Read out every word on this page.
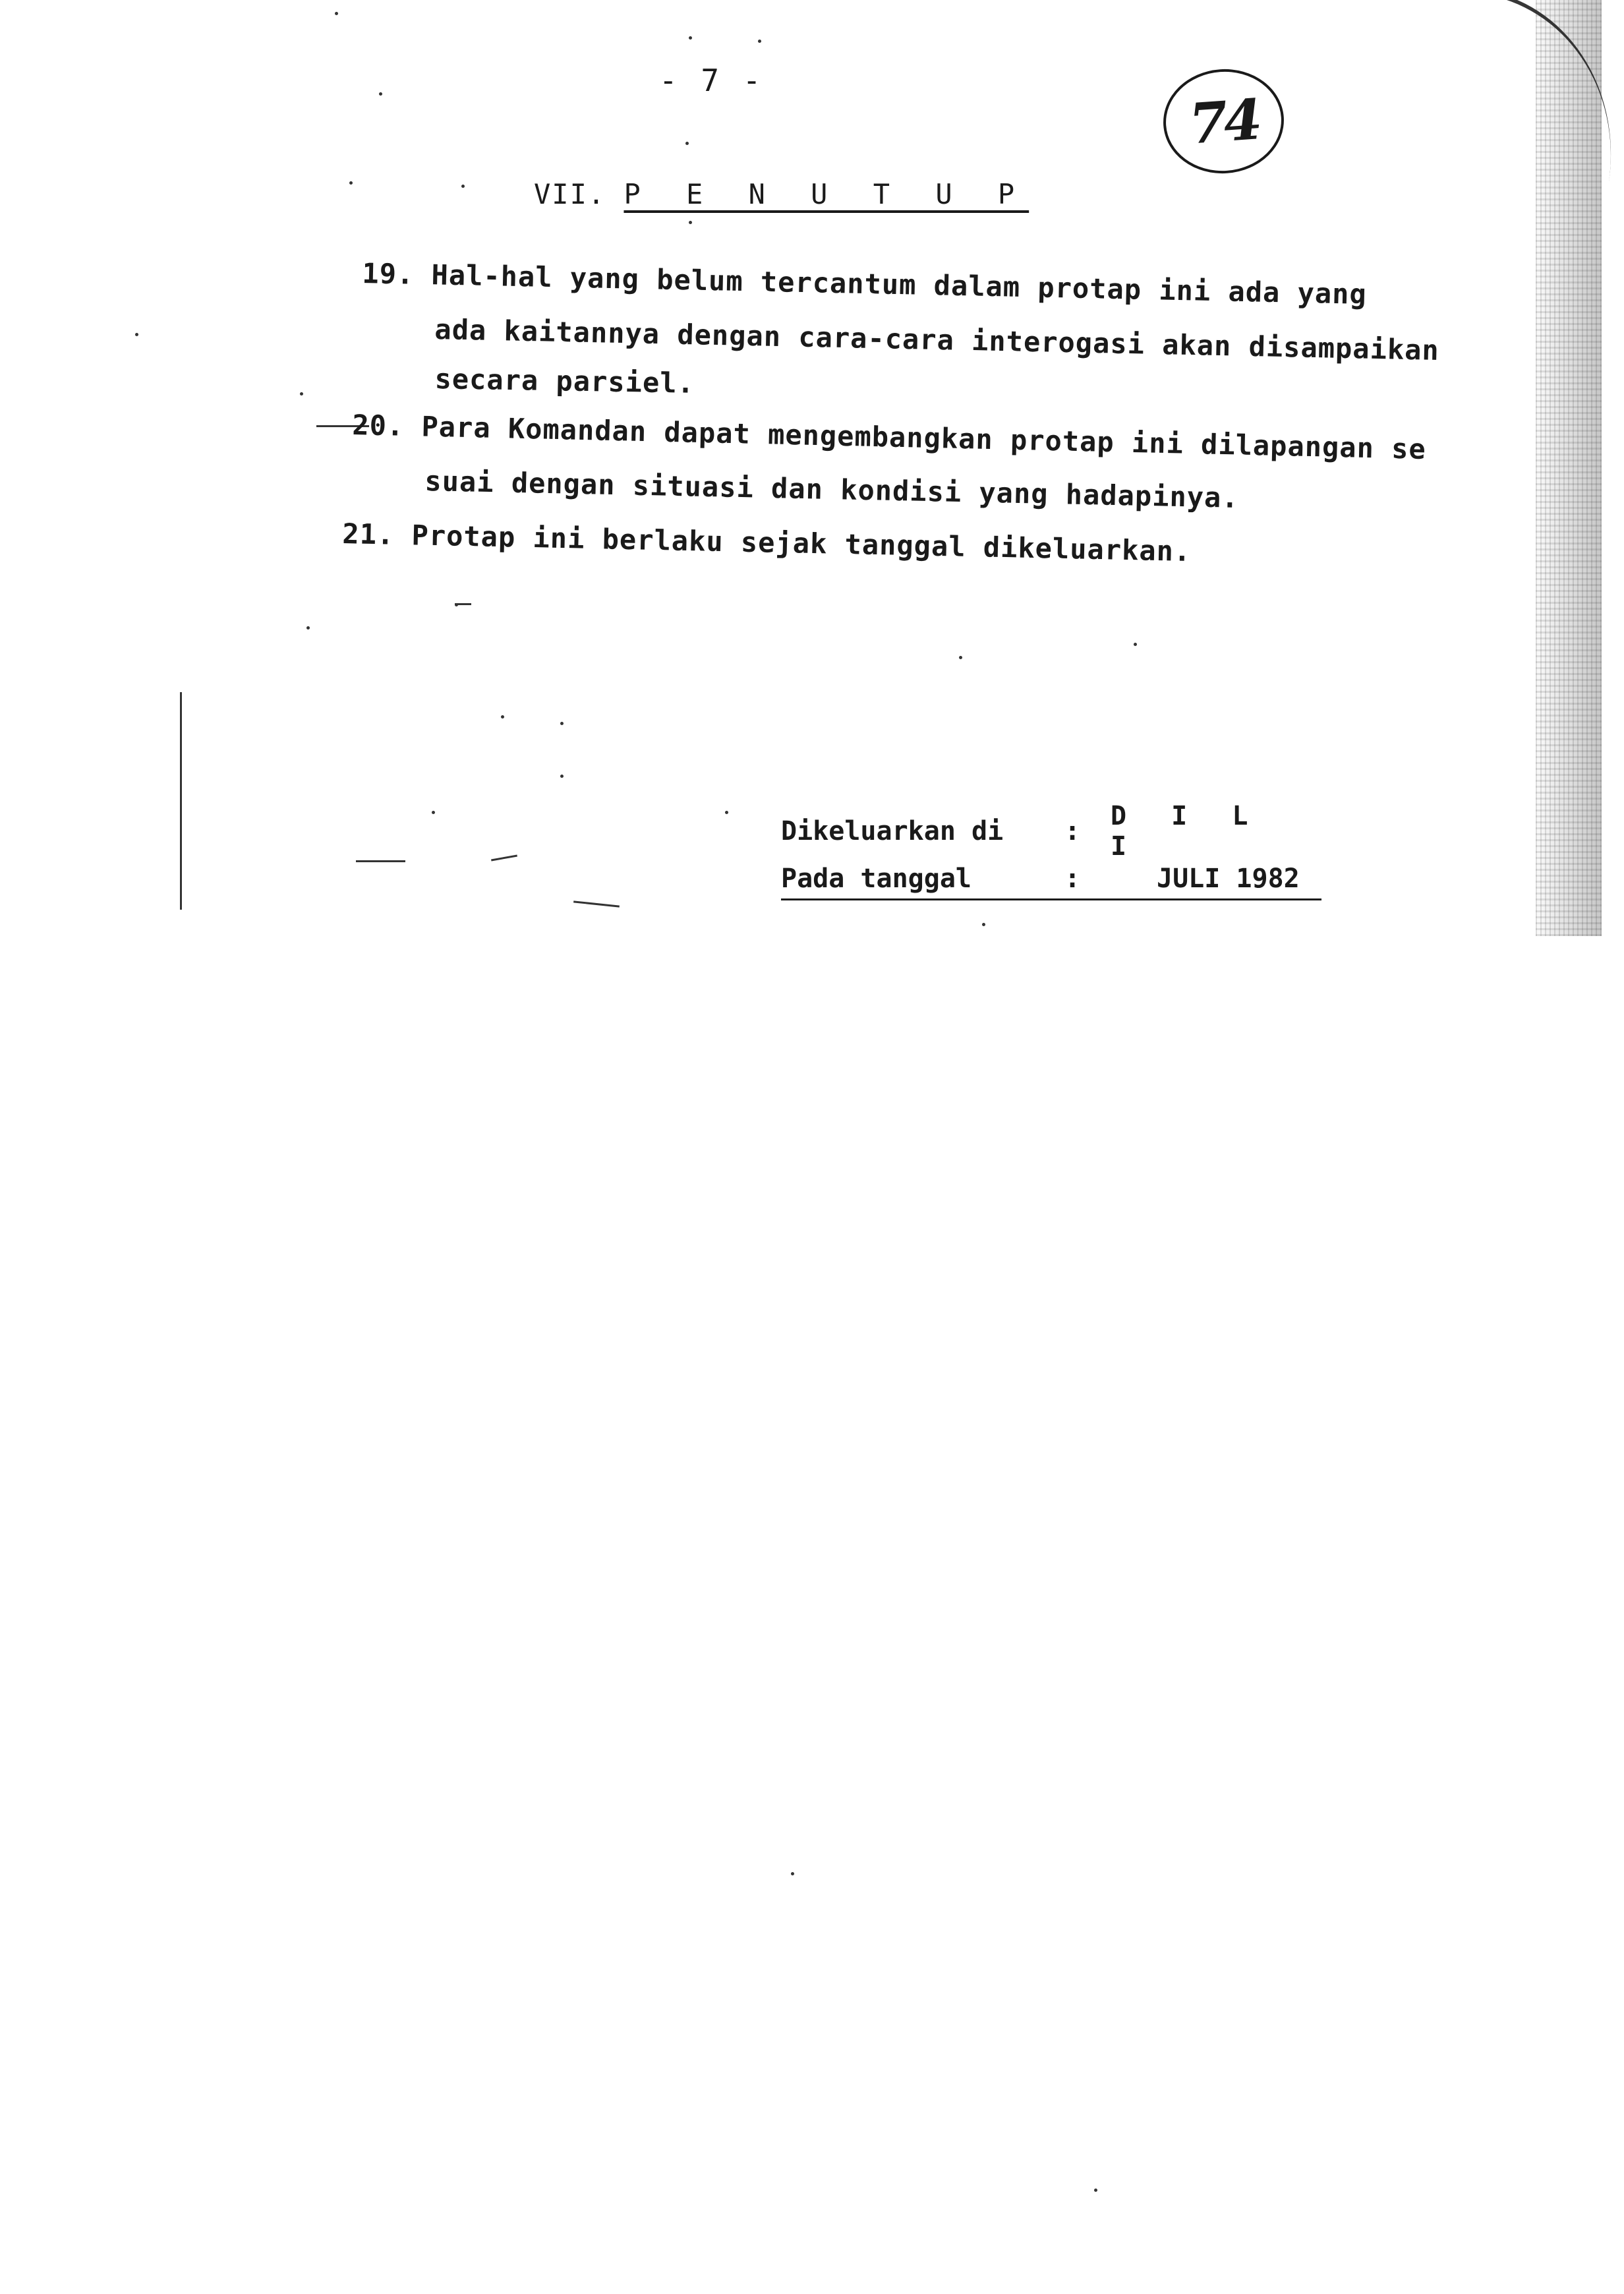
- 7 -
74
VII. P E N U T U P
19. Hal-hal yang belum tercantum dalam protap ini ada yang
ada kaitannya dengan cara-cara interogasi akan disampaikan
secara parsiel.
20. Para Komandan dapat mengembangkan protap ini dilapangan se
suai dengan situasi dan kondisi yang hadapinya.
21. Protap ini berlaku sejak tanggal dikeluarkan.
Dikeluarkan di	:	D I L I
Pada tanggal	:	JULI 1982
